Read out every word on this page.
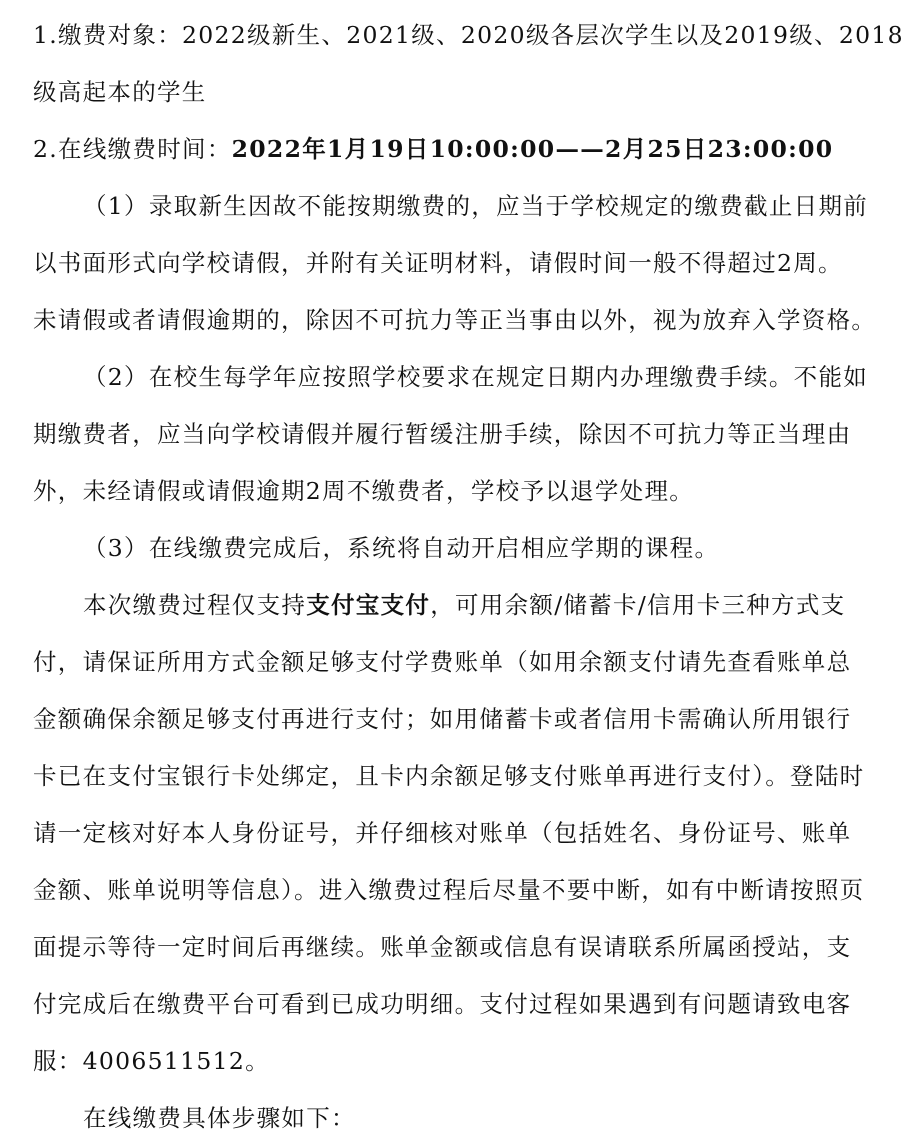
1.缴费对象：2022级新生、2021级、2020级各层次学生以及2019级、2018
级高起本的学生
2.在线缴费时间：2022年1月19日10:00:00——2月25日23:00:00
（1）录取新生因故不能按期缴费的，应当于学校规定的缴费截止日期前
以书面形式向学校请假，并附有关证明材料，请假时间一般不得超过2周。
未请假或者请假逾期的，除因不可抗力等正当事由以外，视为放弃入学资格。
（2）在校生每学年应按照学校要求在规定日期内办理缴费手续。不能如
期缴费者，应当向学校请假并履行暂缓注册手续，除因不可抗力等正当理由
外，未经请假或请假逾期2周不缴费者，学校予以退学处理。
（3）在线缴费完成后，系统将自动开启相应学期的课程。
本次缴费过程仅支持支付宝支付，可用余额/储蓄卡/信用卡三种方式支
付，请保证所用方式金额足够支付学费账单（如用余额支付请先查看账单总
金额确保余额足够支付再进行支付；如用储蓄卡或者信用卡需确认所用银行
卡已在支付宝银行卡处绑定，且卡内余额足够支付账单再进行支付）。登陆时
请一定核对好本人身份证号，并仔细核对账单（包括姓名、身份证号、账单
金额、账单说明等信息）。进入缴费过程后尽量不要中断，如有中断请按照页
面提示等待一定时间后再继续。账单金额或信息有误请联系所属函授站，支
付完成后在缴费平台可看到已成功明细。支付过程如果遇到有问题请致电客
服：4006511512。
在线缴费具体步骤如下：
